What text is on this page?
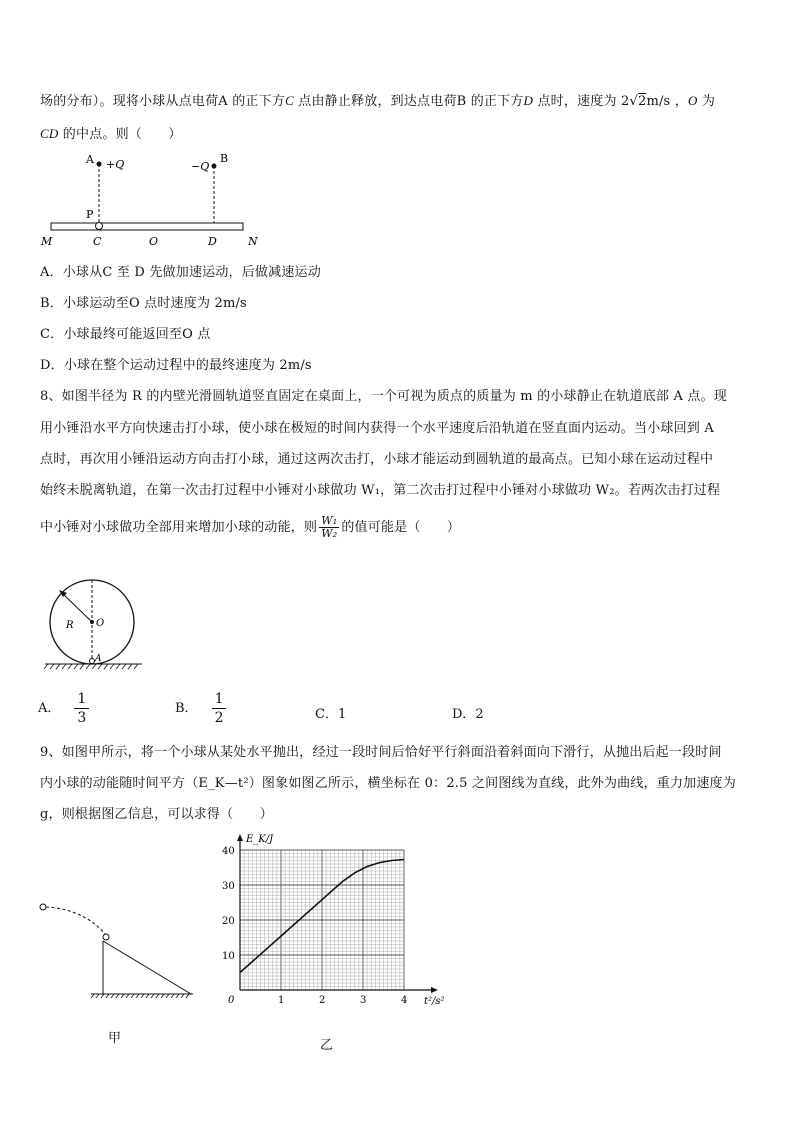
场的分布）。现将小球从点电荷A 的正下方C 点由静止释放，到达点电荷B 的正下方D 点时，速度为 2√2m/s ，O 为
CD 的中点。则（　　）
A +Q	−Q
B
P
M	C	O	D	N
A．小球从C 至 D 先做加速运动，后做减速运动
B．小球运动至O 点时速度为 2m/s
C．小球最终可能返回至O 点
D．小球在整个运动过程中的最终速度为 2m/s
8、如图半径为 R 的内壁光滑圆轨道竖直固定在桌面上，一个可视为质点的质量为 m 的小球静止在轨道底部 A 点。现
用小锤沿水平方向快速击打小球，使小球在极短的时间内获得一个水平速度后沿轨道在竖直面内运动。当小球回到 A
点时，再次用小锤沿运动方向击打小球，通过这两次击打，小球才能运动到圆轨道的最高点。已知小球在运动过程中
始终未脱离轨道，在第一次击打过程中小锤对小球做功 W₁，第二次击打过程中小锤对小球做功 W₂。若两次击打过程
中小锤对小球做功全部用来增加小球的动能，则 $\frac{\text{W₁}}{\text{W₂}}$ 的值可能是（　　）
R O
A
A． $\frac{1}{3}$	B． $\frac{1}{2}$	C．1	D．2
9、如图甲所示，将一个小球从某处水平抛出，经过一段时间后恰好平行斜面沿着斜面向下滑行，从抛出后起一段时间
内小球的动能随时间平方（E_K—t²）图象如图乙所示，横坐标在 0：2.5 之间图线为直线，此外为曲线，重力加速度为
g，则根据图乙信息，可以求得（　　）
甲
0	1	2	3	4
10
20
30
40
E_K/J
t²/s²
乙
